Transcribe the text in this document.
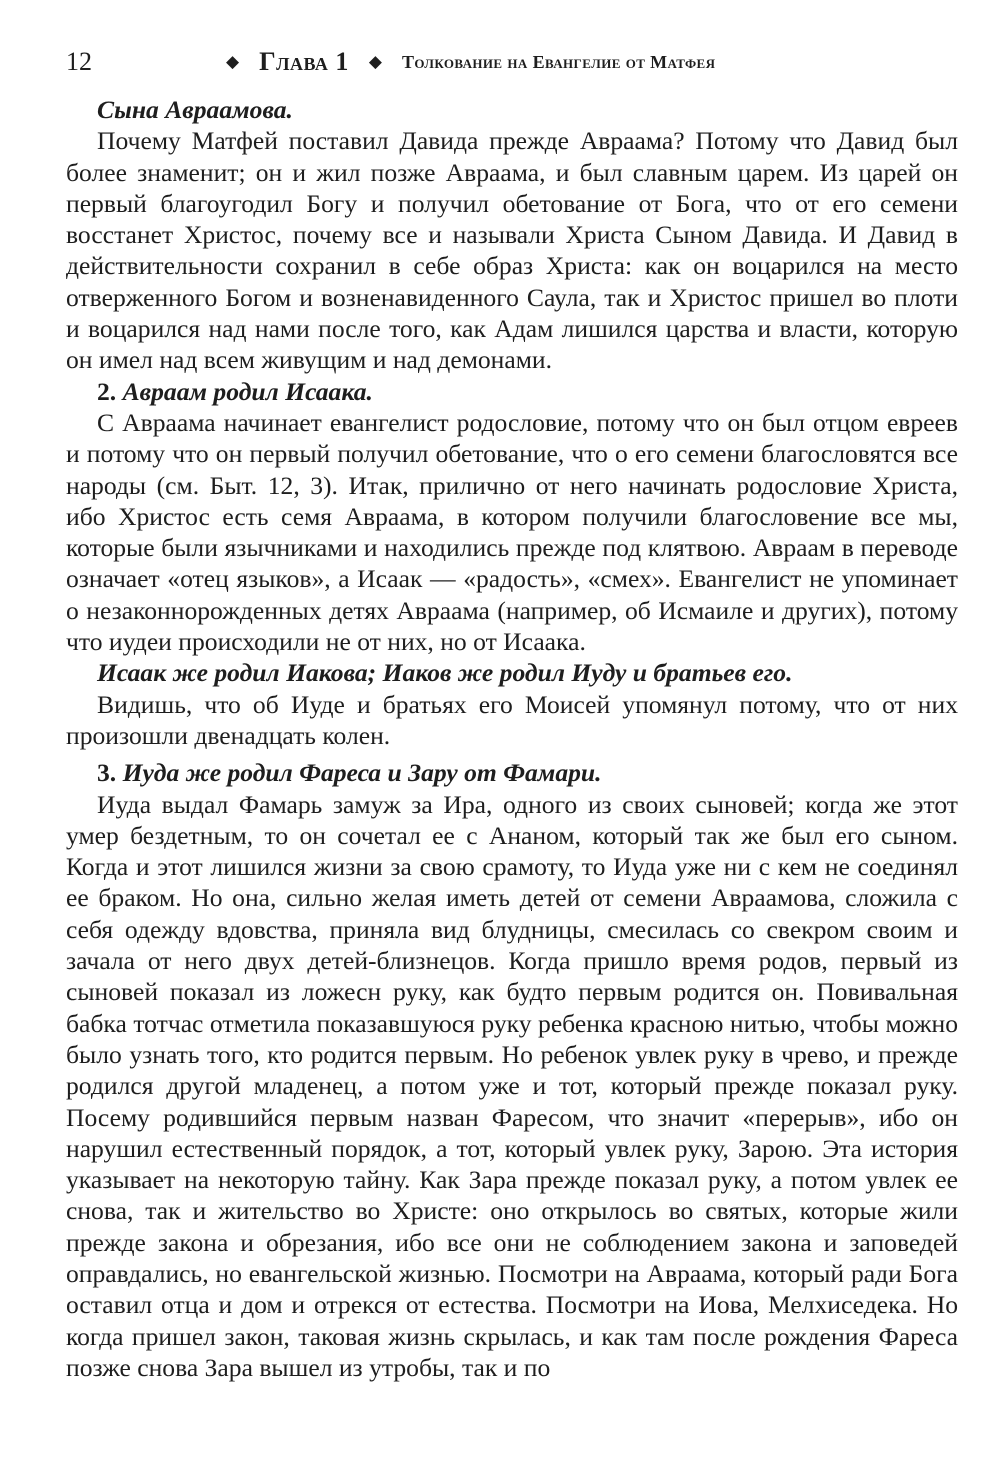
12	◆ Глава 1 ◆ Толкование на Евангелие от Матфея

Сына Авраамова.

Почему Матфей поставил Давида прежде Авраама? Потому что Давид был более знаменит; он и жил позже Авраама, и был славным царем. Из царей он первый благоугодил Богу и получил обетование от Бога, что от его семени восстанет Христос, почему все и называли Христа Сыном Давида. И Давид в действительности сохранил в себе образ Христа: как он воцарился на место отверженного Богом и возненавиденного Саула, так и Христос пришел во плоти и воцарился над нами после того, как Адам лишился царства и власти, которую он имел над всем живущим и над демонами.

2. Авраам родил Исаака.

С Авраама начинает евангелист родословие, потому что он был отцом евреев и потому что он первый получил обетование, что о его семени благословятся все народы (см. Быт. 12, 3). Итак, прилично от него начинать родословие Христа, ибо Христос есть семя Авраама, в котором получили благословение все мы, которые были язычниками и находились прежде под клятвою. Авраам в переводе означает «отец языков», а Исаак — «радость», «смех». Евангелист не упоминает о незаконнорожденных детях Авраама (например, об Исмаиле и других), потому что иудеи происходили не от них, но от Исаака.

Исаак же родил Иакова; Иаков же родил Иуду и братьев его.

Видишь, что об Иуде и братьях его Моисей упомянул потому, что от них произошли двенадцать колен.

3. Иуда же родил Фареса и Зару от Фамари.

Иуда выдал Фамарь замуж за Ира, одного из своих сыновей; когда же этот умер бездетным, то он сочетал ее с Ананом, который так же был его сыном. Когда и этот лишился жизни за свою срамоту, то Иуда уже ни с кем не соединял ее браком. Но она, сильно желая иметь детей от семени Авраамова, сложила с себя одежду вдовства, приняла вид блудницы, смесилась со свекром своим и зачала от него двух детей-близнецов. Когда пришло время родов, первый из сыновей показал из ложесн руку, как будто первым родится он. Повивальная бабка тотчас отметила показавшуюся руку ребенка красною нитью, чтобы можно было узнать того, кто родится первым. Но ребенок увлек руку в чрево, и прежде родился другой младенец, а потом уже и тот, который прежде показал руку. Посему родившийся первым назван Фаресом, что значит «перерыв», ибо он нарушил естественный порядок, а тот, который увлек руку, Зарою. Эта история указывает на некоторую тайну. Как Зара прежде показал руку, а потом увлек ее снова, так и жительство во Христе: оно открылось во святых, которые жили прежде закона и обрезания, ибо все они не соблюдением закона и заповедей оправдались, но евангельской жизнью. Посмотри на Авраама, который ради Бога оставил отца и дом и отрекся от естества. Посмотри на Иова, Мелхиседека. Но когда пришел закон, таковая жизнь скрылась, и как там после рождения Фареса позже снова Зара вышел из утробы, так и по
